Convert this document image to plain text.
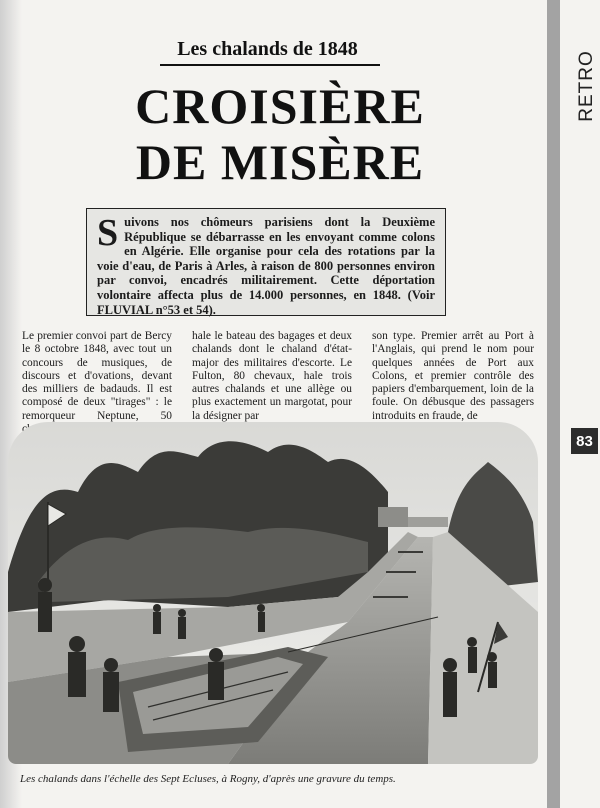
RETRO
83
Les chalands de 1848
CROISIÈRE
DE MISÈRE
Suivons nos chômeurs parisiens dont la Deuxième République se débarrasse en les envoyant comme colons en Algérie. Elle organise pour cela des rotations par la voie d'eau, de Paris à Arles, à raison de 800 personnes environ par convoi, encadrés militairement. Cette déportation volontaire affecta plus de 14.000 personnes, en 1848. (Voir FLUVIAL n°53 et 54).
Le premier convoi part de Bercy le 8 octobre 1848, avec tout un concours de musiques, de discours et d'ovations, devant des milliers de badauds. Il est composé de deux "tirages" : le remorqueur Neptune, 50
hale le bateau des bagages et deux chalands dont le chaland d'état-major des militaires d'escorte. Le Fulton, 80 chevaux, hale trois autres chalands et une allège ou plus exactement un margotat, pour la désigner par
son type. Premier arrêt au Port à l'Anglais, qui prend le nom pour quelques années de Port aux Colons, et premier contrôle des papiers d'embarquement, loin de la foule. On débusque des passagers introduits en fraude, de
Les chalands dans l'échelle des Sept Ecluses, à Rogny, d'après une gravure du temps.
